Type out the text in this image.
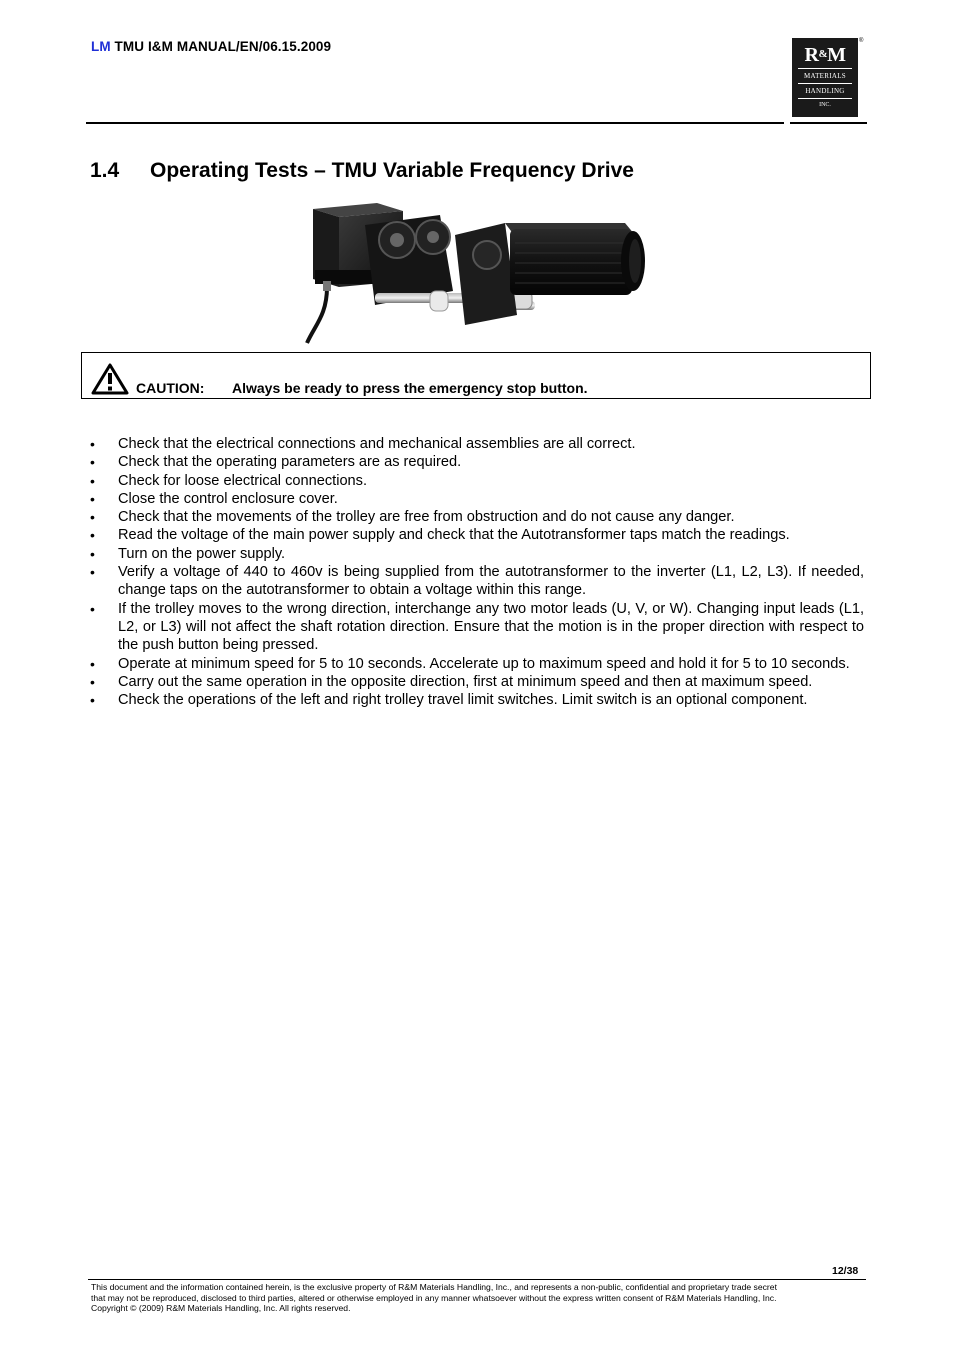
LM TMU I&M MANUAL/EN/06.15.2009	R&M
MATERIALS
HANDLING
INC.
®
1.4 Operating Tests – TMU Variable Frequency Drive
CAUTION: Always be ready to press the emergency stop button.
• Check that the electrical connections and mechanical assemblies are all correct.
• Check that the operating parameters are as required.
• Check for loose electrical connections.
• Close the control enclosure cover.
• Check that the movements of the trolley are free from obstruction and do not cause any danger.
• Read the voltage of the main power supply and check that the Autotransformer taps match the readings.
• Turn on the power supply.
• Verify a voltage of 440 to 460v is being supplied from the autotransformer to the inverter (L1, L2, L3). If needed, change taps on the autotransformer to obtain a voltage within this range.
• If the trolley moves to the wrong direction, interchange any two motor leads (U, V, or W). Changing input leads (L1, L2, or L3) will not affect the shaft rotation direction. Ensure that the motion is in the proper direction with respect to the push button being pressed.
• Operate at minimum speed for 5 to 10 seconds. Accelerate up to maximum speed and hold it for 5 to 10 seconds.
• Carry out the same operation in the opposite direction, first at minimum speed and then at maximum speed.
• Check the operations of the left and right trolley travel limit switches. Limit switch is an optional component.
12/38
This document and the information contained herein, is the exclusive property of R&M Materials Handling, Inc., and represents a non-public, confidential and proprietary trade secret
that may not be reproduced, disclosed to third parties, altered or otherwise employed in any manner whatsoever without the express written consent of R&M Materials Handling, Inc.
Copyright © (2009) R&M Materials Handling, Inc. All rights reserved.
